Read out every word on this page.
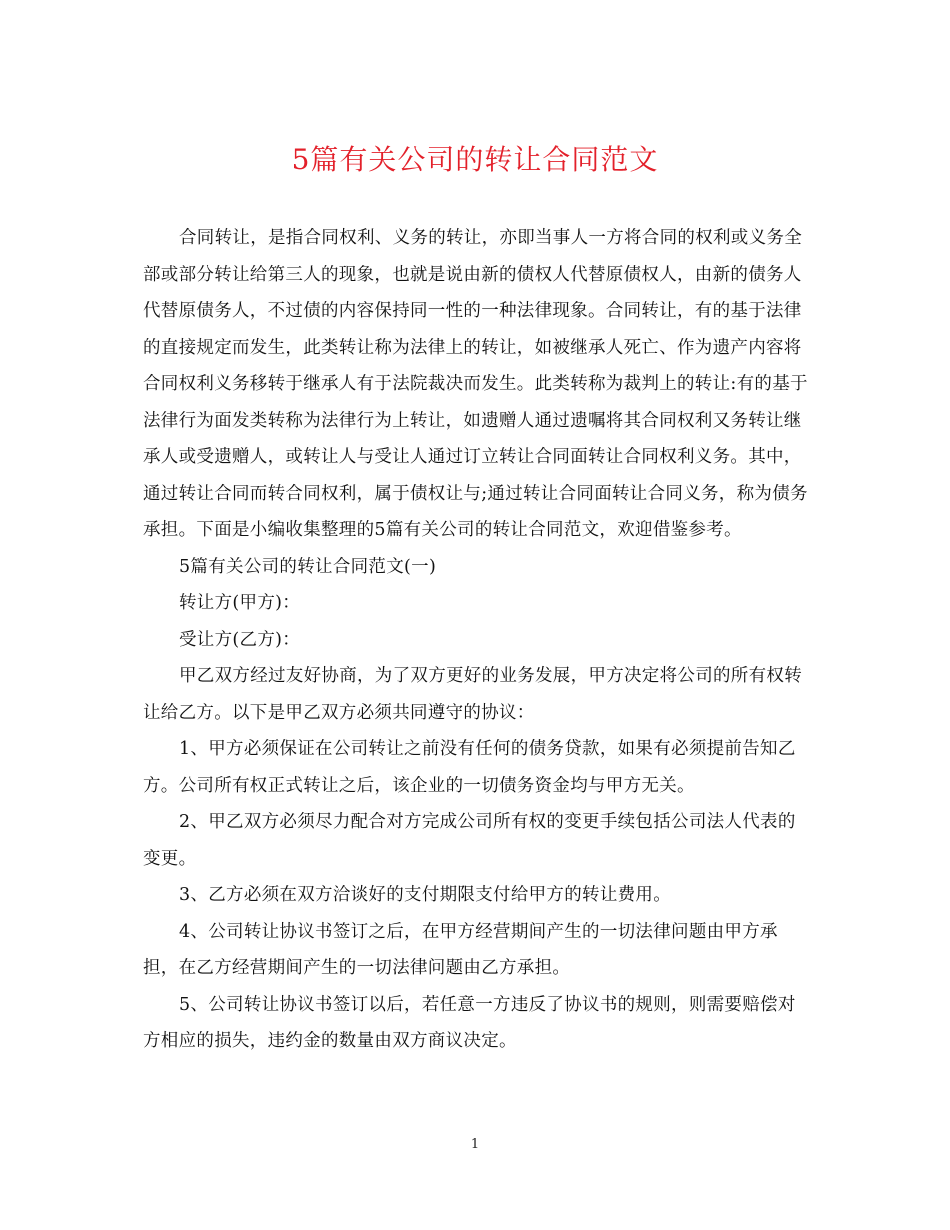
5篇有关公司的转让合同范文

合同转让，是指合同权利、义务的转让，亦即当事人一方将合同的权利或义务全部或部分转让给第三人的现象，也就是说由新的债权人代替原债权人，由新的债务人代替原债务人，不过债的内容保持同一性的一种法律现象。合同转让，有的基于法律的直接规定而发生，此类转让称为法律上的转让，如被继承人死亡、作为遗产内容将合同权利义务移转于继承人有于法院裁决而发生。此类转称为裁判上的转让:有的基于法律行为面发类转称为法律行为上转让，如遗赠人通过遗嘱将其合同权利又务转让继承人或受遗赠人，或转让人与受让人通过订立转让合同面转让合同权利义务。其中，通过转让合同而转合同权利，属于债权让与;通过转让合同面转让合同义务，称为债务承担。下面是小编收集整理的5篇有关公司的转让合同范文，欢迎借鉴参考。

5篇有关公司的转让合同范文(一)

转让方(甲方)：

受让方(乙方)：

甲乙双方经过友好协商，为了双方更好的业务发展，甲方决定将公司的所有权转让给乙方。以下是甲乙双方必须共同遵守的协议：

1、甲方必须保证在公司转让之前没有任何的债务贷款，如果有必须提前告知乙方。公司所有权正式转让之后，该企业的一切债务资金均与甲方无关。

2、甲乙双方必须尽力配合对方完成公司所有权的变更手续包括公司法人代表的变更。

3、乙方必须在双方洽谈好的支付期限支付给甲方的转让费用。

4、公司转让协议书签订之后，在甲方经营期间产生的一切法律问题由甲方承担，在乙方经营期间产生的一切法律问题由乙方承担。

5、公司转让协议书签订以后，若任意一方违反了协议书的规则，则需要赔偿对方相应的损失，违约金的数量由双方商议决定。

1
